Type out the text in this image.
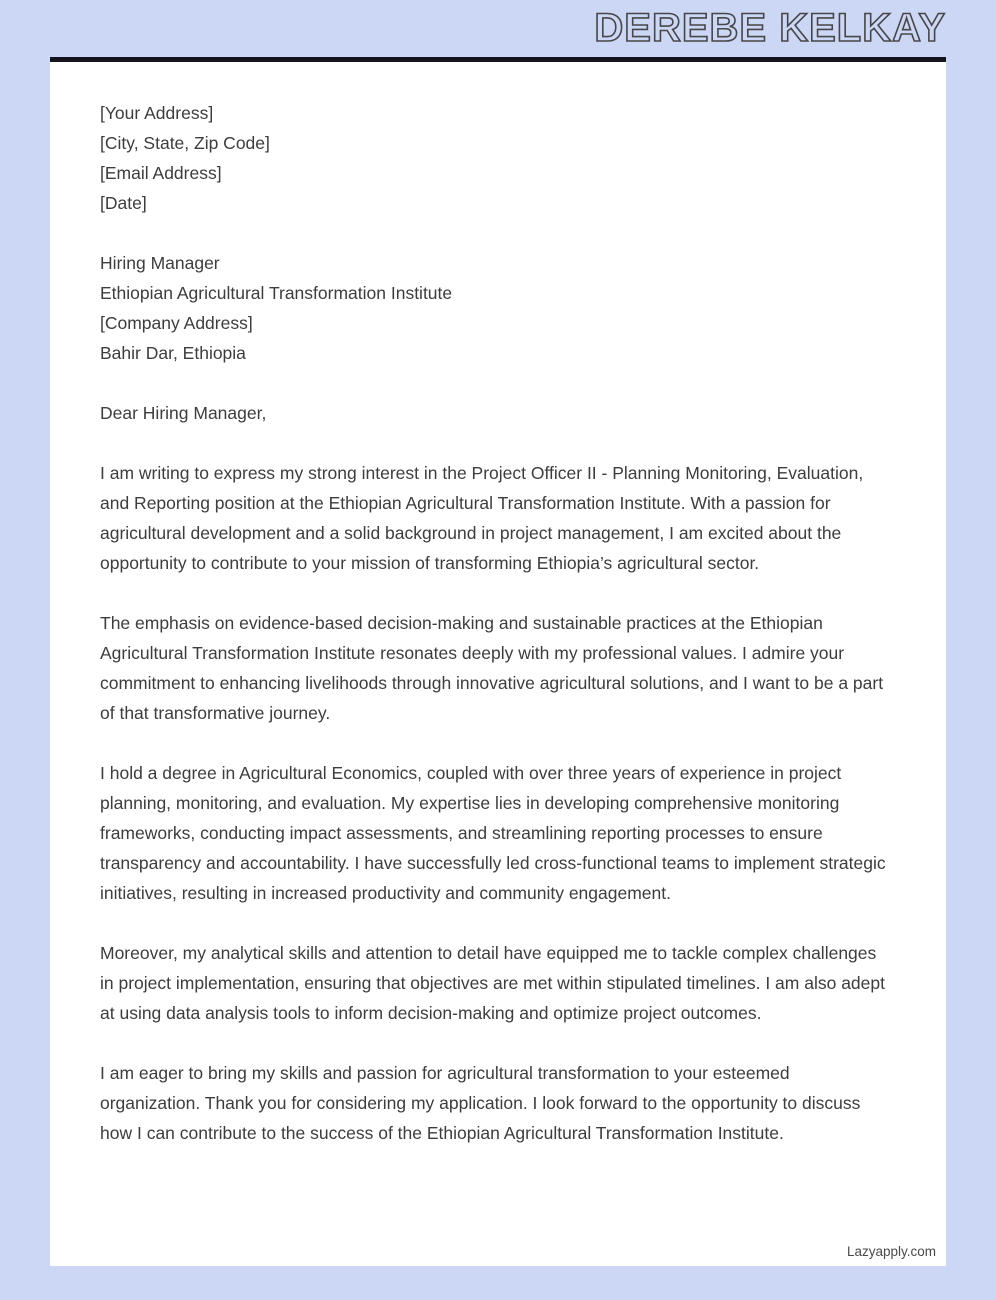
DEREBE KELKAY

[Your Address]

[City, State, Zip Code]

[Email Address]

[Date]

Hiring Manager

Ethiopian Agricultural Transformation Institute

[Company Address]

Bahir Dar, Ethiopia

Dear Hiring Manager,

I am writing to express my strong interest in the Project Officer II - Planning Monitoring, Evaluation, and Reporting position at the Ethiopian Agricultural Transformation Institute. With a passion for agricultural development and a solid background in project management, I am excited about the opportunity to contribute to your mission of transforming Ethiopia’s agricultural sector.

The emphasis on evidence-based decision-making and sustainable practices at the Ethiopian Agricultural Transformation Institute resonates deeply with my professional values. I admire your commitment to enhancing livelihoods through innovative agricultural solutions, and I want to be a part of that transformative journey.

I hold a degree in Agricultural Economics, coupled with over three years of experience in project planning, monitoring, and evaluation. My expertise lies in developing comprehensive monitoring frameworks, conducting impact assessments, and streamlining reporting processes to ensure transparency and accountability. I have successfully led cross-functional teams to implement strategic initiatives, resulting in increased productivity and community engagement.

Moreover, my analytical skills and attention to detail have equipped me to tackle complex challenges in project implementation, ensuring that objectives are met within stipulated timelines. I am also adept at using data analysis tools to inform decision-making and optimize project outcomes.

I am eager to bring my skills and passion for agricultural transformation to your esteemed organization. Thank you for considering my application. I look forward to the opportunity to discuss how I can contribute to the success of the Ethiopian Agricultural Transformation Institute.

Lazyapply.com
